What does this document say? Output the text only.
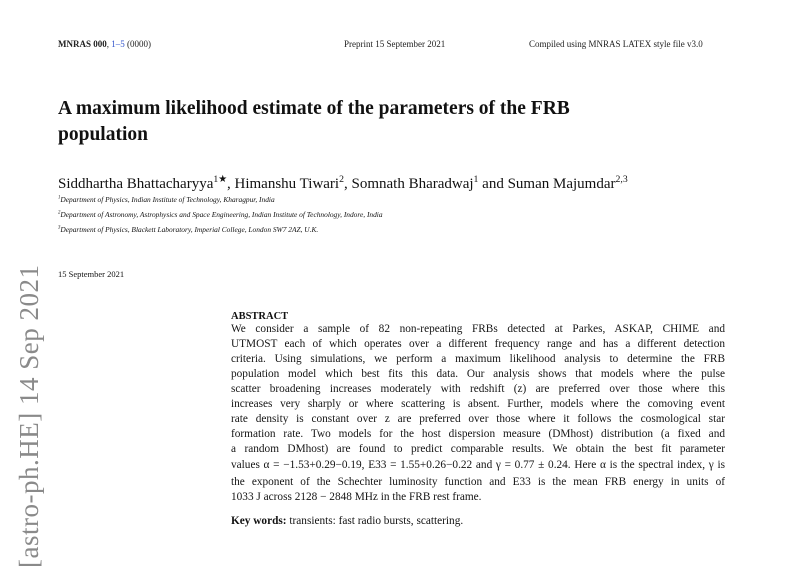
MNRAS 000, 1–5 (0000)	Preprint 15 September 2021	Compiled using MNRAS LATEX style file v3.0
A maximum likelihood estimate of the parameters of the FRB
population
Siddhartha Bhattacharyya$^{1★}$, Himanshu Tiwari$^2$, Somnath Bharadwaj$^1$ and Suman Majumdar$^{2,3}$
$^1$Department of Physics, Indian Institute of Technology, Kharagpur, India
$^2$Department of Astronomy, Astrophysics and Space Engineering, Indian Institute of Technology, Indore, India
$^3$Department of Physics, Blackett Laboratory, Imperial College, London SW7 2AZ, U.K.
15 September 2021
[astro-ph.HE] 14 Sep 2021	ABSTRACT
We consider a sample of 82 non-repeating FRBs detected at Parkes, ASKAP, CHIME and
UTMOST each of which operates over a different frequency range and has a different detection
criteria. Using simulations, we perform a maximum likelihood analysis to determine the FRB
population model which best fits this data. Our analysis shows that models where the pulse
scatter broadening increases moderately with redshift (z) are preferred over those where this
increases very sharply or where scattering is absent. Further, models where the comoving event
rate density is constant over z are preferred over those where it follows the cosmological star
formation rate. Two models for the host dispersion measure (DMhost) distribution (a fixed and
a random DMhost) are found to predict comparable results. We obtain the best fit parameter
values α = −1.53+0.29−0.19, E33 = 1.55+0.26−0.22 and γ = 0.77 ± 0.24. Here α is the spectral index, γ is
the exponent of the Schechter luminosity function and E33 is the mean FRB energy in units of
1033 J across 2128 − 2848 MHz in the FRB rest frame.
Key words: transients: fast radio bursts, scattering.
